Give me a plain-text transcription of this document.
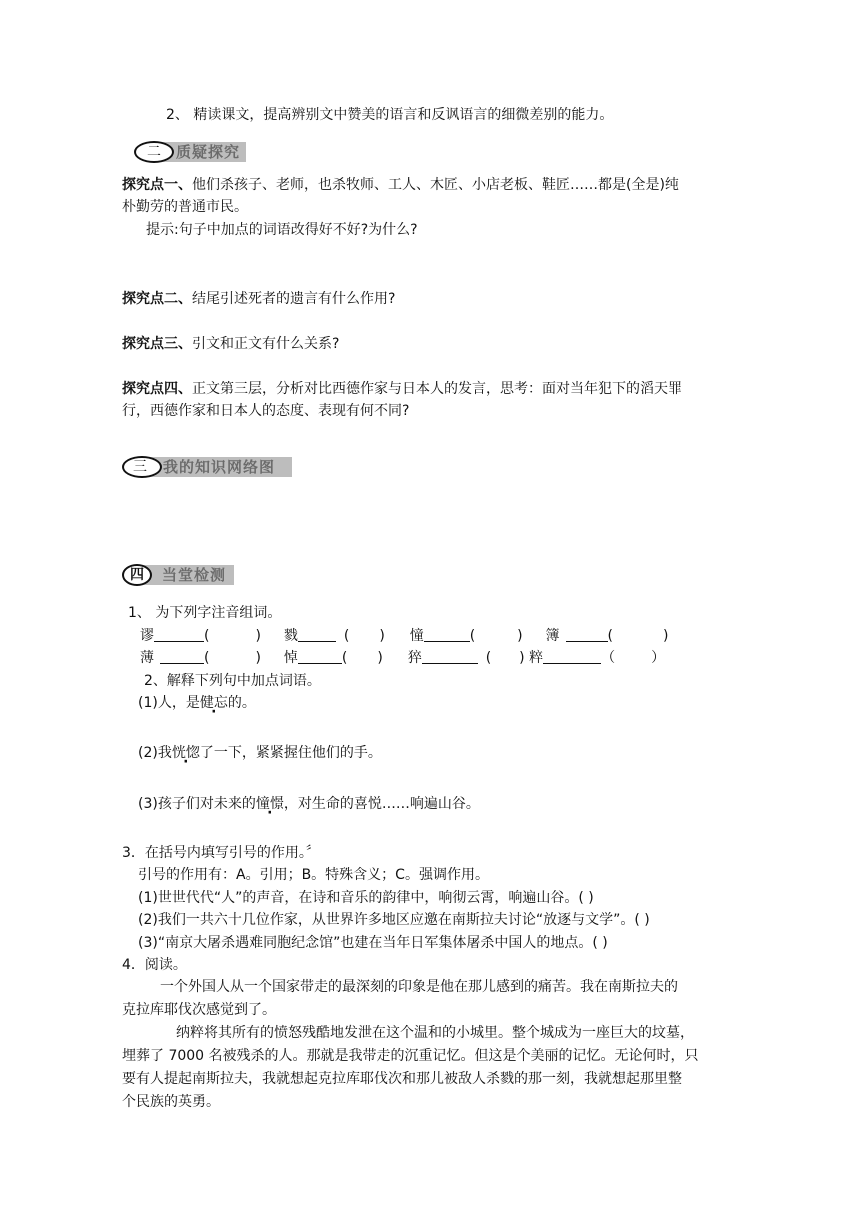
2、 精读课文，提高辨别文中赞美的语言和反讽语言的细微差别的能力。
二	质疑探究
探究点一、他们杀孩子、老师，也杀牧师、工人、木匠、小店老板、鞋匠……都是(全是)纯
朴勤劳的普通市民。
提示:句子中加点的词语改得好不好?为什么?
探究点二、结尾引述死者的遗言有什么作用?
探究点三、引文和正文有什么关系?
探究点四、正文第三层，分析对比西德作家与日本人的发言，思考：面对当年犯下的滔天罪
行，西德作家和日本人的态度、表现有何不同?
三	我的知识网络图
四	当堂检测
1、 为下列字注音组词。
谬	(	) 戮	( ) 憧	(	) 簿	(	)
薄	(	) 悼	( ) 猝	( ) 粹	（	）
2、解释下列句中加点词语。
(1)人，是健忘的。
(2)我恍惚了一下，紧紧握住他们的手。
(3)孩子们对未来的憧憬，对生命的喜悦……响遍山谷。
3．在括号内填写引号的作用。〞
引号的作用有：A。引用；B。特殊含义；C。强调作用。
(1)世世代代“人”的声音，在诗和音乐的韵律中，响彻云霄，响遍山谷。( )
(2)我们一共六十几位作家，从世界许多地区应邀在南斯拉夫讨论“放逐与文学”。( )
(3)“南京大屠杀遇难同胞纪念馆”也建在当年日军集体屠杀中国人的地点。( )
4．阅读。
一个外国人从一个国家带走的最深刻的印象是他在那儿感到的痛苦。我在南斯拉夫的
克拉库耶伐次感觉到了。
纳粹将其所有的愤怒残酷地发泄在这个温和的小城里。整个城成为一座巨大的坟墓，
埋葬了 7000 名被残杀的人。那就是我带走的沉重记忆。但这是个美丽的记忆。无论何时，只
要有人提起南斯拉夫，我就想起克拉库耶伐次和那儿被敌人杀戮的那一刻，我就想起那里整
个民族的英勇。
